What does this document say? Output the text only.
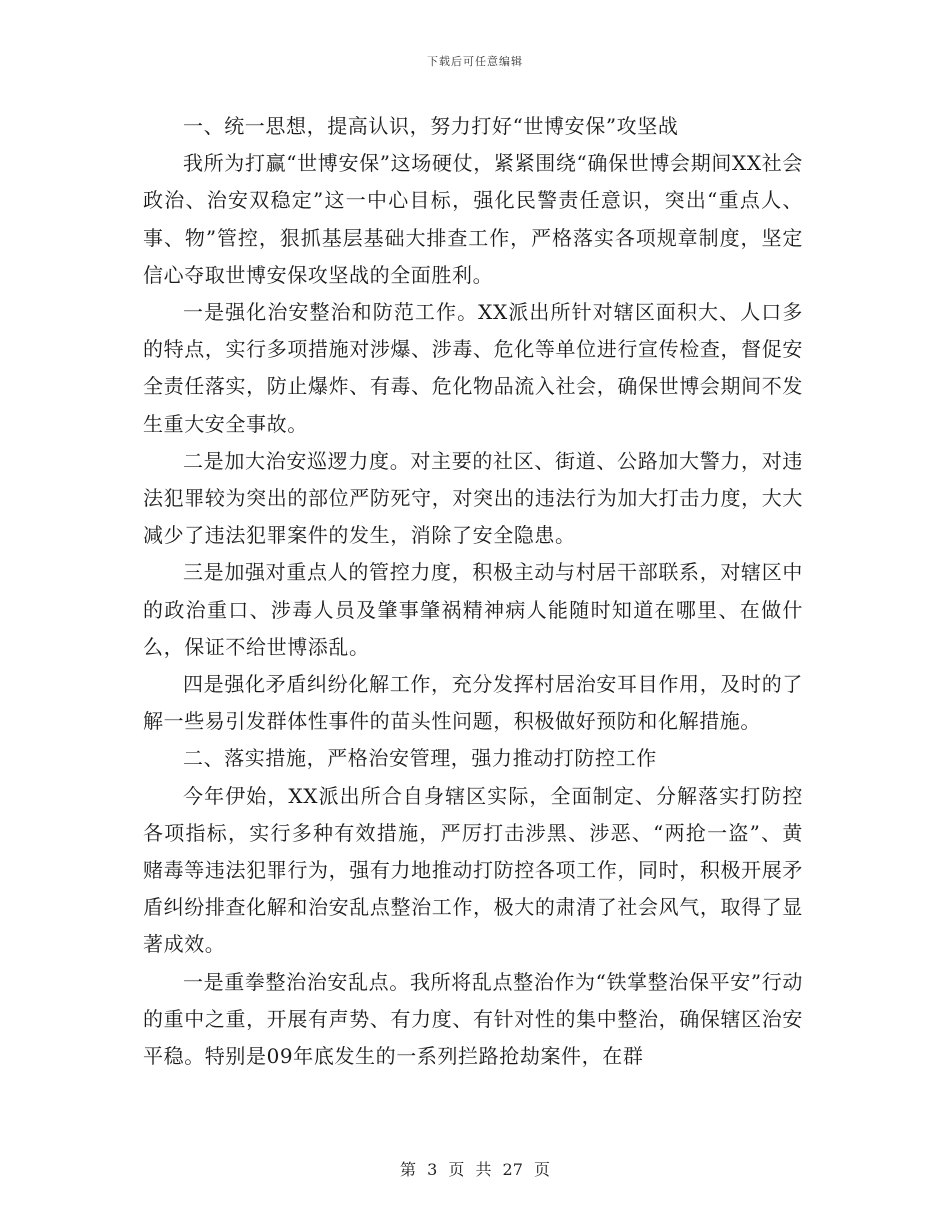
下载后可任意编辑

一、统一思想，提高认识，努力打好“世博安保”攻坚战

我所为打赢“世博安保”这场硬仗，紧紧围绕“确保世博会期间XX社会政治、治安双稳定”这一中心目标，强化民警责任意识，突出“重点人、事、物”管控，狠抓基层基础大排查工作，严格落实各项规章制度，坚定信心夺取世博安保攻坚战的全面胜利。

一是强化治安整治和防范工作。XX派出所针对辖区面积大、人口多的特点，实行多项措施对涉爆、涉毒、危化等单位进行宣传检查，督促安全责任落实，防止爆炸、有毒、危化物品流入社会，确保世博会期间不发生重大安全事故。

二是加大治安巡逻力度。对主要的社区、街道、公路加大警力，对违法犯罪较为突出的部位严防死守，对突出的违法行为加大打击力度，大大减少了违法犯罪案件的发生，消除了安全隐患。

三是加强对重点人的管控力度，积极主动与村居干部联系，对辖区中的政治重口、涉毒人员及肇事肇祸精神病人能随时知道在哪里、在做什么，保证不给世博添乱。

四是强化矛盾纠纷化解工作，充分发挥村居治安耳目作用，及时的了解一些易引发群体性事件的苗头性问题，积极做好预防和化解措施。

二、落实措施，严格治安管理，强力推动打防控工作

今年伊始，XX派出所合自身辖区实际，全面制定、分解落实打防控各项指标，实行多种有效措施，严厉打击涉黑、涉恶、“两抢一盗”、黄赌毒等违法犯罪行为，强有力地推动打防控各项工作，同时，积极开展矛盾纠纷排查化解和治安乱点整治工作，极大的肃清了社会风气，取得了显著成效。

一是重拳整治治安乱点。我所将乱点整治作为“铁掌整治保平安”行动的重中之重，开展有声势、有力度、有针对性的集中整治，确保辖区治安平稳。特别是09年底发生的一系列拦路抢劫案件，在群

第 3 页 共 27 页
